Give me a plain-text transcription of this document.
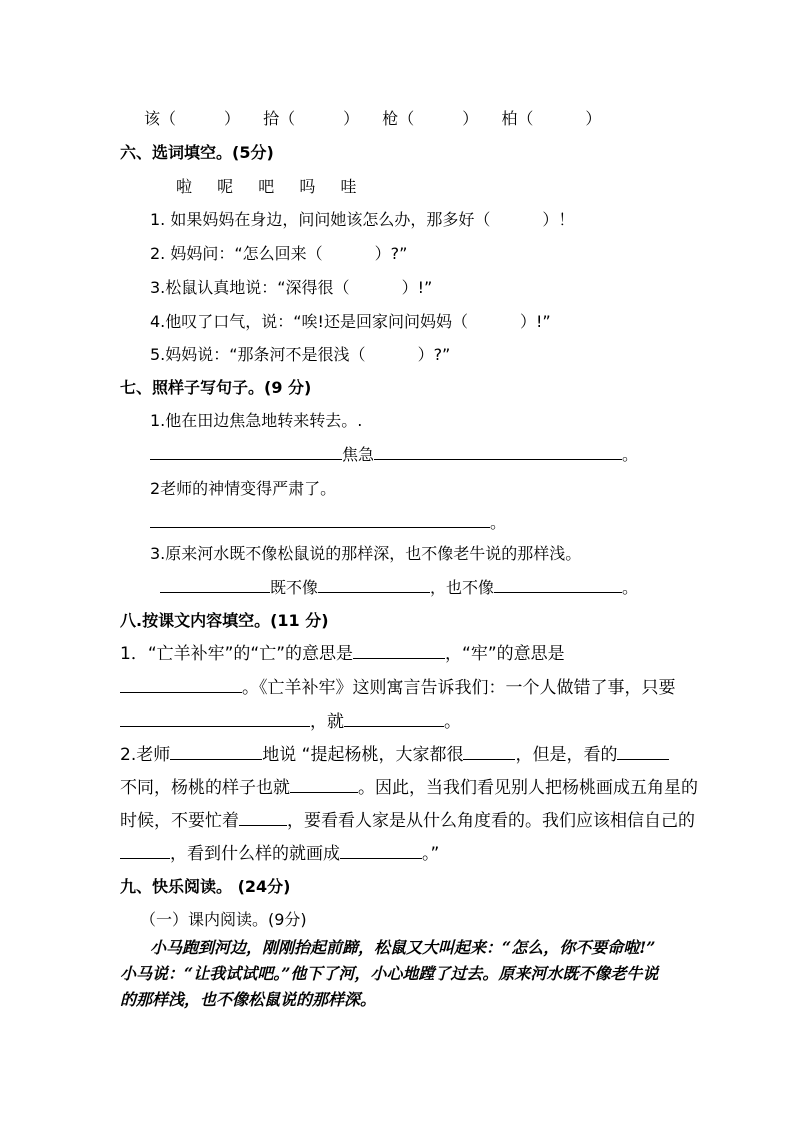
该（	） 拾（	） 枪（	） 柏（	）
六、选词填空。(5分)
啦 呢 吧 吗 哇
1. 如果妈妈在身边，问问她该怎么办，那多好（	）！
2. 妈妈问：“怎么回来（	）?”
3.松鼠认真地说：“深得很（	）!”
4.他叹了口气，说：“唉!还是回家问问妈妈（	）!”
5.妈妈说：“那条河不是很浅（	）?”
七、照样子写句子。(9 分)
1.他在田边焦急地转来转去。.
焦急	。
2老师的神情变得严肃了。
。
3.原来河水既不像松鼠说的那样深，也不像老牛说的那样浅。
既不像	，也不像	。
八.按课文内容填空。(11 分)
1．“亡羊补牢”的“亡”的意思是	，“牢”的意思是
。《亡羊补牢》这则寓言告诉我们：一个人做错了事，只要
，就	。
2.老师	地说 “提起杨桃，大家都很	，但是，看的
不同，杨桃的样子也就	。因此，当我们看见别人把杨桃画成五角星的
时候，不要忙着	，要看看人家是从什么角度看的。我们应该相信自己的
，看到什么样的就画成	。”
九、快乐阅读。 (24分)
（一）课内阅读。(9分)
小马跑到河边，刚刚抬起前蹄，松鼠又大叫起来：“怎么，你不要命啦!”
小马说：“让我试试吧。”他下了河，小心地蹚了过去。原来河水既不像老牛说
的那样浅，也不像松鼠说的那样深。
